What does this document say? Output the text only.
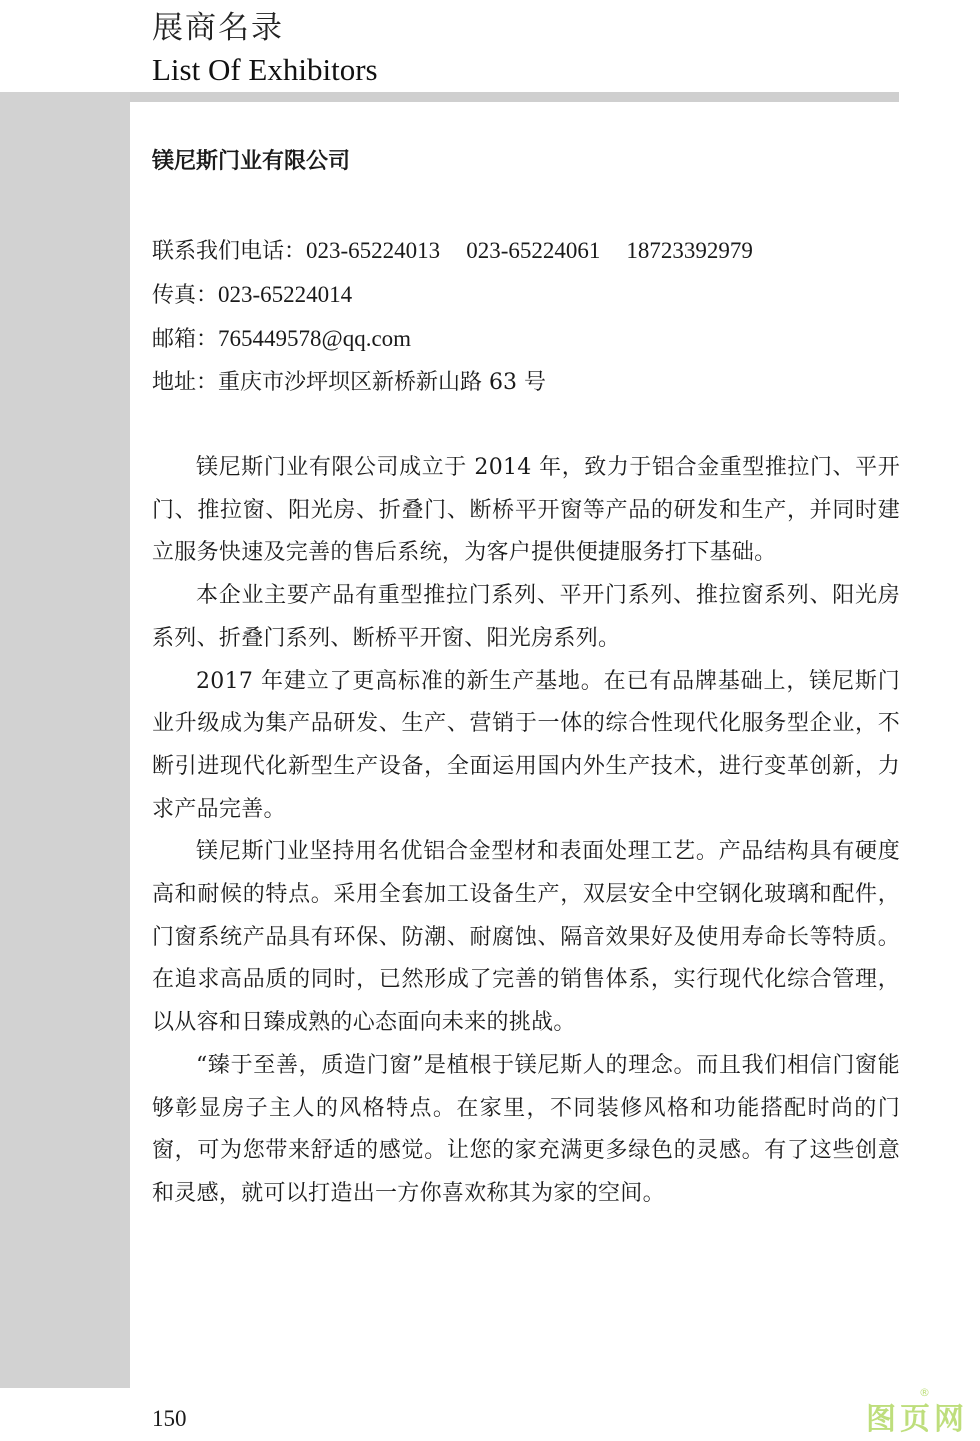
展商名录
List Of Exhibitors
镁尼斯门业有限公司
联系我们电话：023-65224013 023-65224061 18723392979
传真：023-65224014
邮箱：765449578@qq.com
地址：重庆市沙坪坝区新桥新山路 63 号

镁尼斯门业有限公司成立于 2014 年，致力于铝合金重型推拉门、平开门、推拉窗、阳光房、折叠门、断桥平开窗等产品的研发和生产，并同时建立服务快速及完善的售后系统，为客户提供便捷服务打下基础。

本企业主要产品有重型推拉门系列、平开门系列、推拉窗系列、阳光房系列、折叠门系列、断桥平开窗、阳光房系列。

2017 年建立了更高标准的新生产基地。在已有品牌基础上，镁尼斯门业升级成为集产品研发、生产、营销于一体的综合性现代化服务型企业，不断引进现代化新型生产设备，全面运用国内外生产技术，进行变革创新，力求产品完善。

镁尼斯门业坚持用名优铝合金型材和表面处理工艺。产品结构具有硬度高和耐候的特点。采用全套加工设备生产，双层安全中空钢化玻璃和配件，门窗系统产品具有环保、防潮、耐腐蚀、隔音效果好及使用寿命长等特质。在追求高品质的同时，已然形成了完善的销售体系，实行现代化综合管理，以从容和日臻成熟的心态面向未来的挑战。

“臻于至善，质造门窗”是植根于镁尼斯人的理念。而且我们相信门窗能够彰显房子主人的风格特点。在家里，不同装修风格和功能搭配时尚的门窗，可为您带来舒适的感觉。让您的家充满更多绿色的灵感。有了这些创意和灵感，就可以打造出一方你喜欢称其为家的空间。

150	图页网
®
